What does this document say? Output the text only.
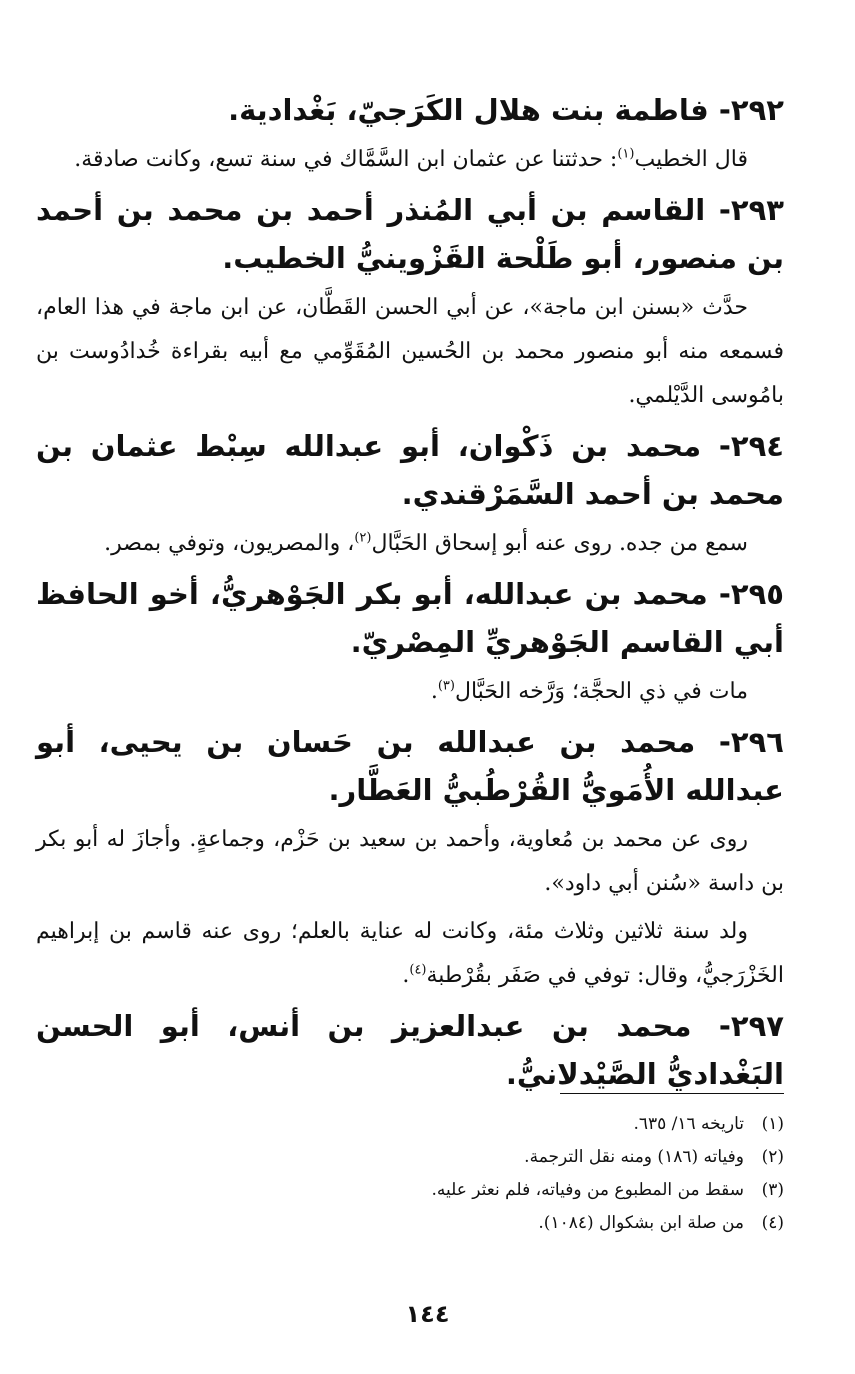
٢٩٢- فاطمة بنت هلال الكَرَجيّ، بَغْدادية.
قال الخطيب$^{(١)}$: حدثتنا عن عثمان ابن السَّمَّاك في سنة تسع، وكانت صادقة.
٢٩٣- القاسم بن أبي المُنذر أحمد بن محمد بن أحمد بن منصور، أبو طَلْحة القَزْوينيُّ الخطيب.
حدَّث «بسنن ابن ماجة»، عن أبي الحسن القَطَّان، عن ابن ماجة في هذا العام، فسمعه منه أبو منصور محمد بن الحُسين المُقَوِّمي مع أبيه بقراءة خُدادُوست بن بامُوسى الدَّيْلمي.
٢٩٤- محمد بن ذَكْوان، أبو عبدالله سِبْط عثمان بن محمد بن أحمد السَّمَرْقندي.
سمع من جده. روى عنه أبو إسحاق الحَبَّال$^{(٢)}$، والمصريون، وتوفي بمصر.
٢٩٥- محمد بن عبدالله، أبو بكر الجَوْهريُّ، أخو الحافظ أبي القاسم الجَوْهريِّ المِصْريّ.
مات في ذي الحجَّة؛ وَرَّخه الحَبَّال$^{(٣)}$.
٢٩٦- محمد بن عبدالله بن حَسان بن يحيى، أبو عبدالله الأُمَويُّ القُرْطُبيُّ العَطَّار.
روى عن محمد بن مُعاوية، وأحمد بن سعيد بن حَزْم، وجماعةٍ. وأجازَ له أبو بكر بن داسة «سُنن أبي داود».
ولد سنة ثلاثين وثلاث مئة، وكانت له عناية بالعلم؛ روى عنه قاسم بن إبراهيم الخَزْرَجيُّ، وقال: توفي في صَفَر بقُرْطبة$^{(٤)}$.
٢٩٧- محمد بن عبدالعزيز بن أنس، أبو الحسن البَغْداديُّ الصَّيْدلانيُّ.
(١)تاريخه ١٦/ ٦٣٥.
(٢)وفياته (١٨٦) ومنه نقل الترجمة.
(٣)سقط من المطبوع من وفياته، فلم نعثر عليه.
(٤)من صلة ابن بشكوال (١٠٨٤).
١٤٤
